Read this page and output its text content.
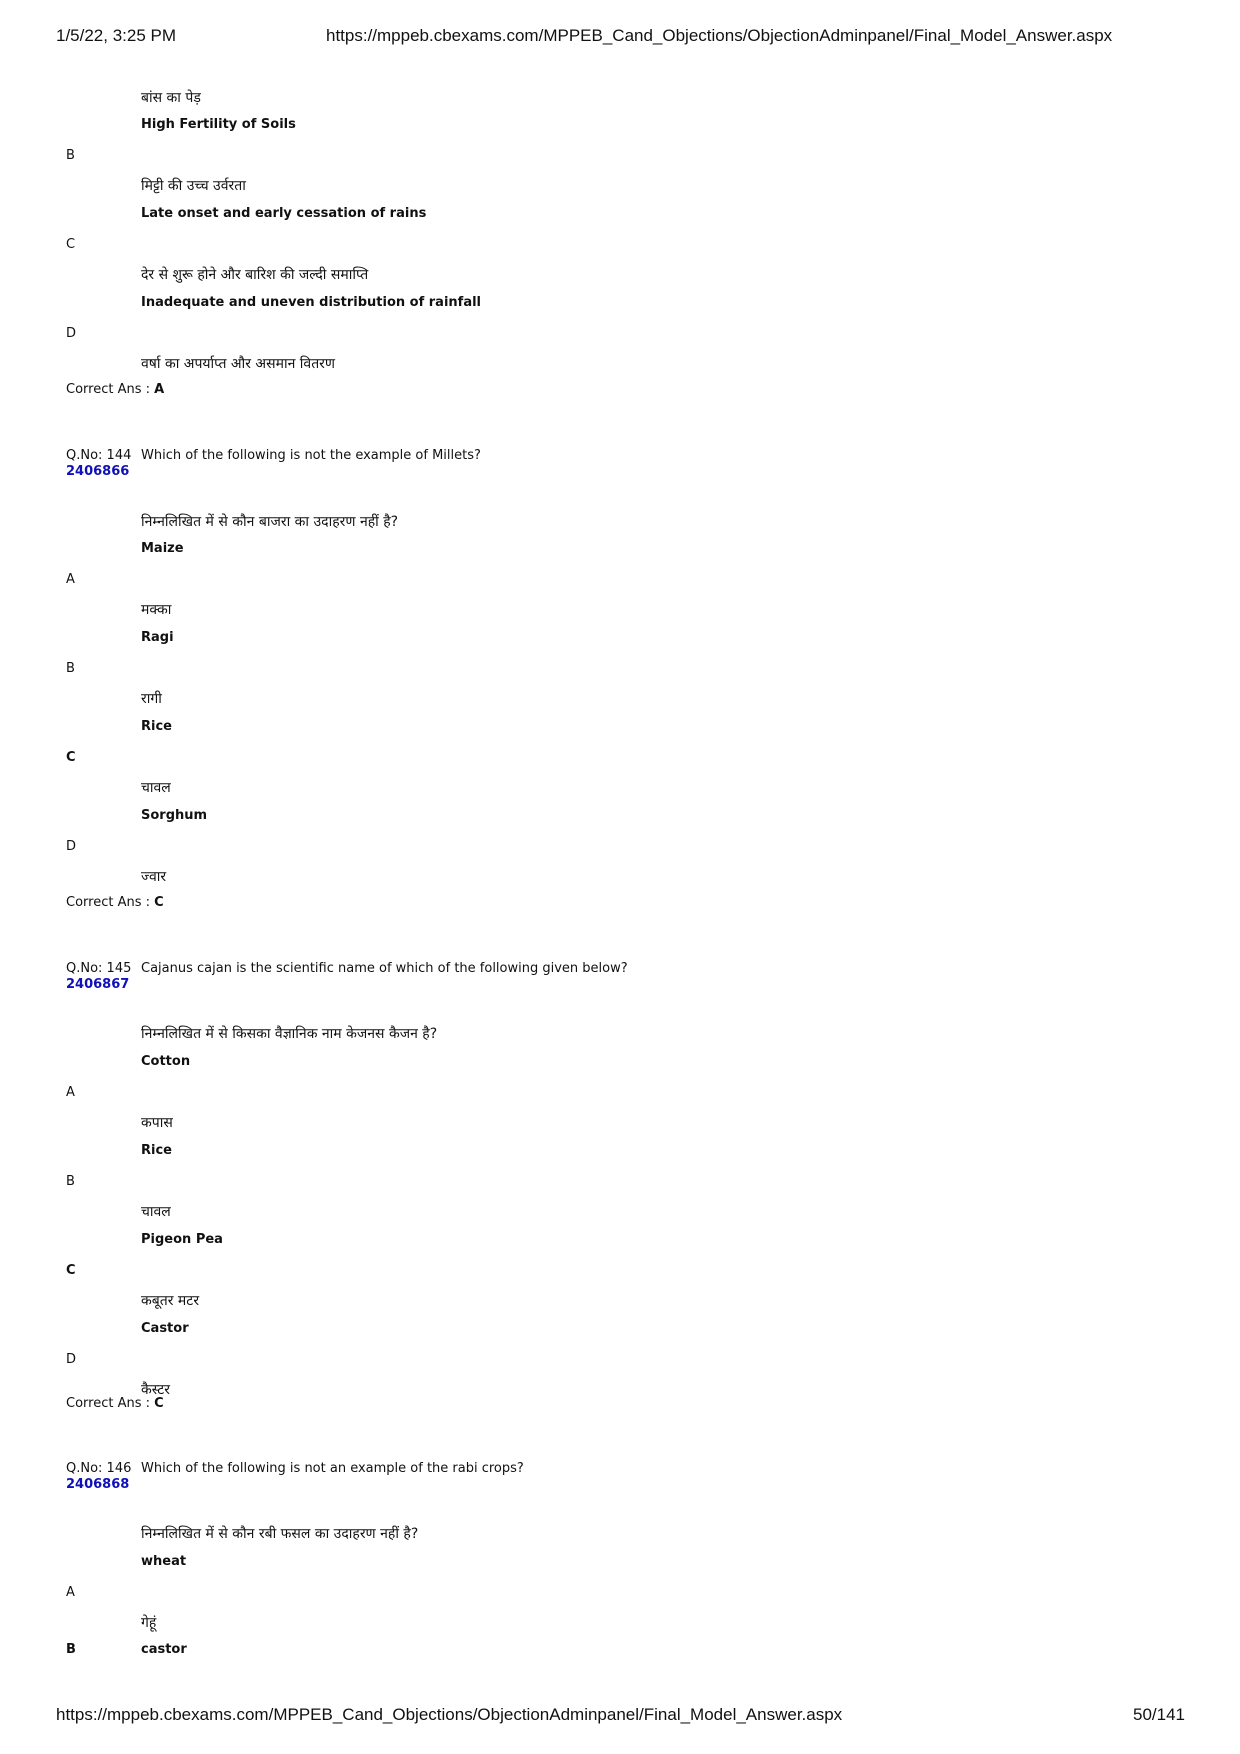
1/5/22, 3:25 PM	https://mppeb.cbexams.com/MPPEB_Cand_Objections/ObjectionAdminpanel/Final_Model_Answer.aspx
बांस का पेड़
High Fertility of Soils
B
मिट्टी की उच्च उर्वरता
Late onset and early cessation of rains
C
देर से शुरू होने और बारिश की जल्दी समाप्ति
Inadequate and uneven distribution of rainfall
D
वर्षा का अपर्याप्त और असमान वितरण
Correct Ans : A
Q.No: 144
2406866
Which of the following is not the example of Millets?
निम्नलिखित में से कौन बाजरा का उदाहरण नहीं है?
Maize
A
मक्का
Ragi
B
रागी
Rice
C
चावल
Sorghum
D
ज्वार
Correct Ans : C
Q.No: 145
2406867
Cajanus cajan is the scientific name of which of the following given below?
निम्नलिखित में से किसका वैज्ञानिक नाम केजनस कैजन है?
Cotton
A
कपास
Rice
B
चावल
Pigeon Pea
C
कबूतर मटर
Castor
D
कैस्टर
Correct Ans : C
Q.No: 146
2406868
Which of the following is not an example of the rabi crops?
निम्नलिखित में से कौन रबी फसल का उदाहरण नहीं है?
wheat
A
गेहूं
B	castor
https://mppeb.cbexams.com/MPPEB_Cand_Objections/ObjectionAdminpanel/Final_Model_Answer.aspx	50/141
